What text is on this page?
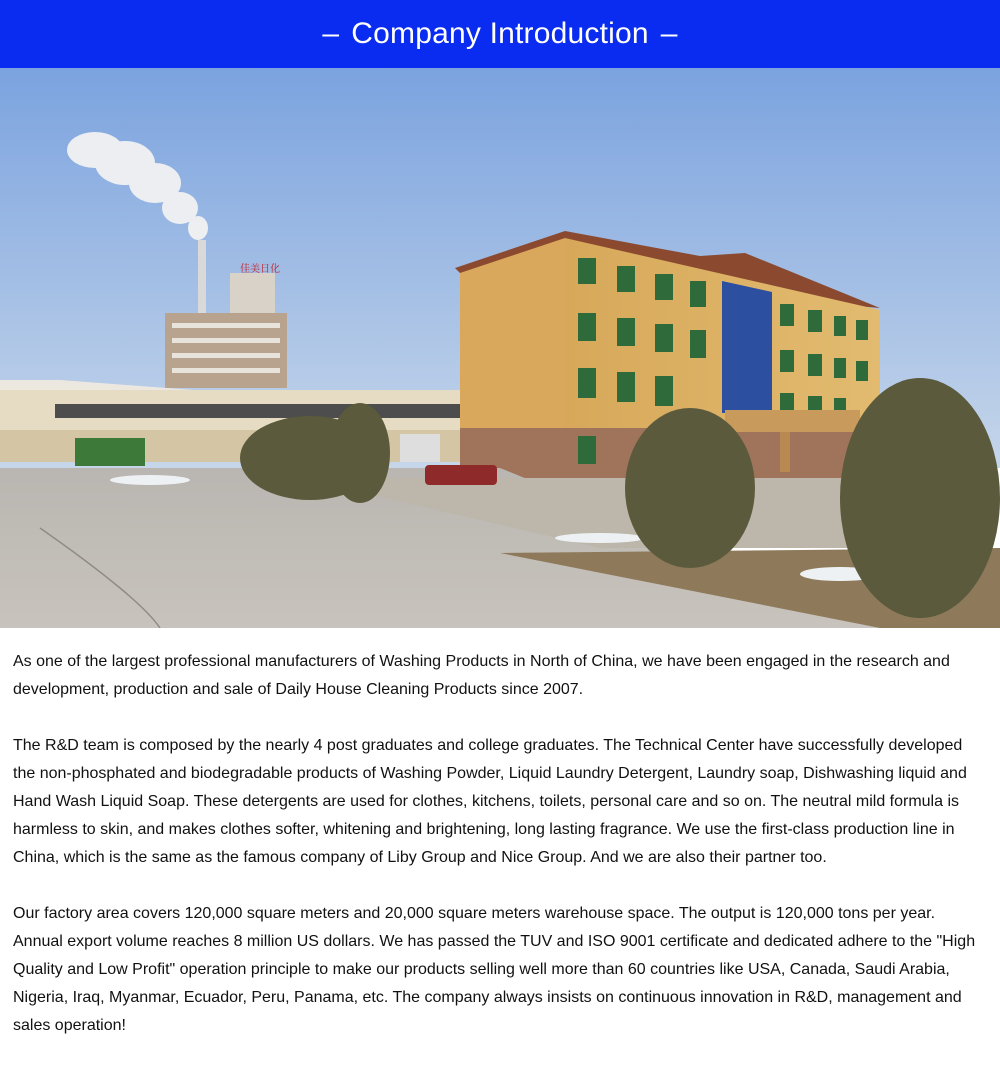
– Company Introduction –
佳美日化

As one of the largest professional manufacturers of Washing Products in North of China, we have been engaged in the research and development, production and sale of Daily House Cleaning Products since 2007.

The R&D team is composed by the nearly 4 post graduates and college graduates. The Technical Center have successfully developed the non-phosphated and biodegradable products of Washing Powder, Liquid Laundry Detergent, Laundry soap, Dishwashing liquid and Hand Wash Liquid Soap. These detergents are used for clothes, kitchens, toilets, personal care and so on. The neutral mild formula is harmless to skin, and makes clothes softer, whitening and brightening, long lasting fragrance. We use the first-class production line in China, which is the same as the famous company of Liby Group and Nice Group. And we are also their partner too.

Our factory area covers 120,000 square meters and 20,000 square meters warehouse space. The output is 120,000 tons per year. Annual export volume reaches 8 million US dollars. We has passed the TUV and ISO 9001 certificate and dedicated adhere to the "High Quality and Low Profit" operation principle to make our products selling well more than 60 countries like USA, Canada, Saudi Arabia, Nigeria, Iraq, Myanmar, Ecuador, Peru, Panama, etc. The company always insists on continuous innovation in R&D, management and sales operation!
